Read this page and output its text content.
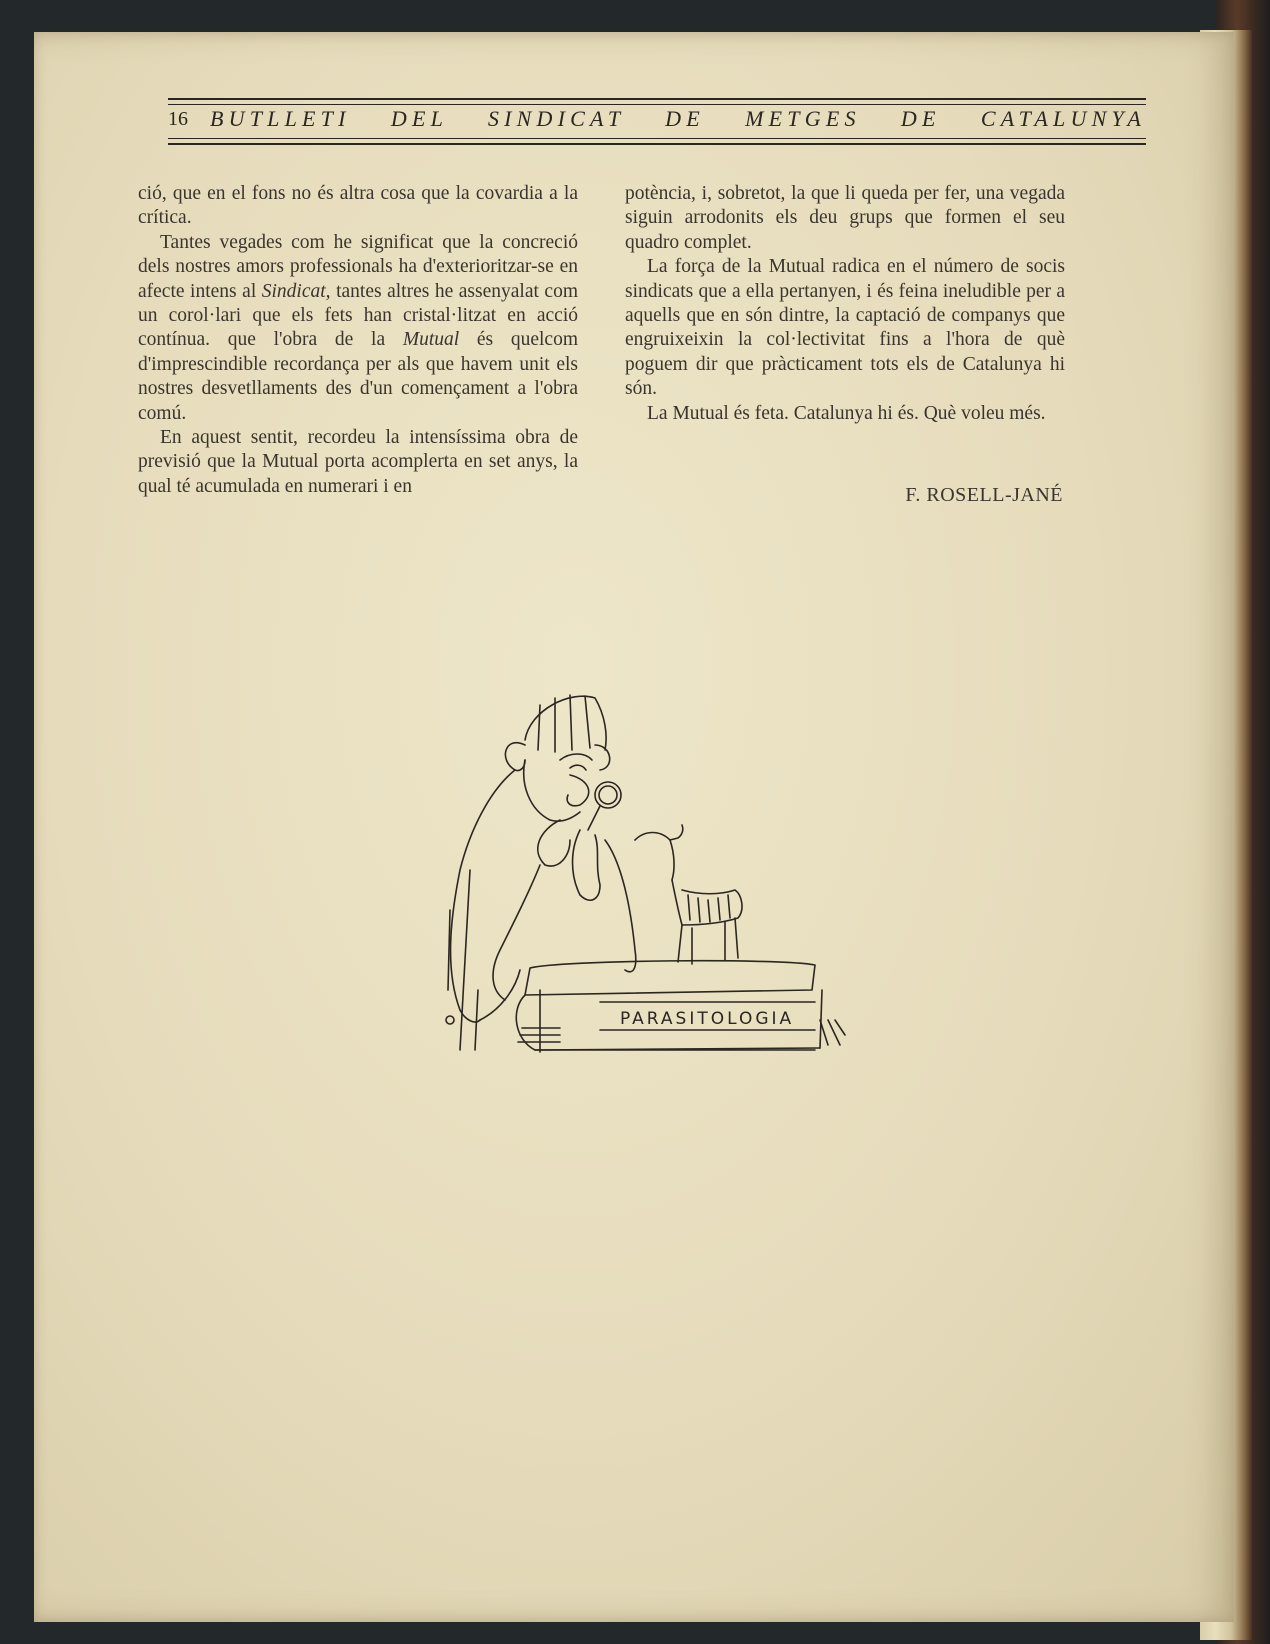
16 BUTLLETI DEL SINDICAT DE METGES DE CATALUNYA

ció, que en el fons no és altra cosa que la covardia a la crítica.

Tantes vegades com he significat que la concreció dels nostres amors professionals ha d'exterioritzar-se en afecte intens al Sindicat, tantes altres he assenyalat com un corol·lari que els fets han cristal·litzat en acció contínua. que l'obra de la Mutual és quelcom d'imprescindible recordança per als que havem unit els nostres desvetllaments des d'un començament a l'obra comú.

En aquest sentit, recordeu la intensíssima obra de previsió que la Mutual porta acomplerta en set anys, la qual té acumulada en numerari i en

potència, i, sobretot, la que li queda per fer, una vegada siguin arrodonits els deu grups que formen el seu quadro complet.

La força de la Mutual radica en el número de socis sindicats que a ella pertanyen, i és feina ineludible per a aquells que en són dintre, la captació de companys que engruixeixin la col·lectivitat fins a l'hora de què poguem dir que pràcticament tots els de Catalunya hi són.

La Mutual és feta. Catalunya hi és. Què voleu més.

F. ROSELL-JANÉ
PARASITOLOGIA
